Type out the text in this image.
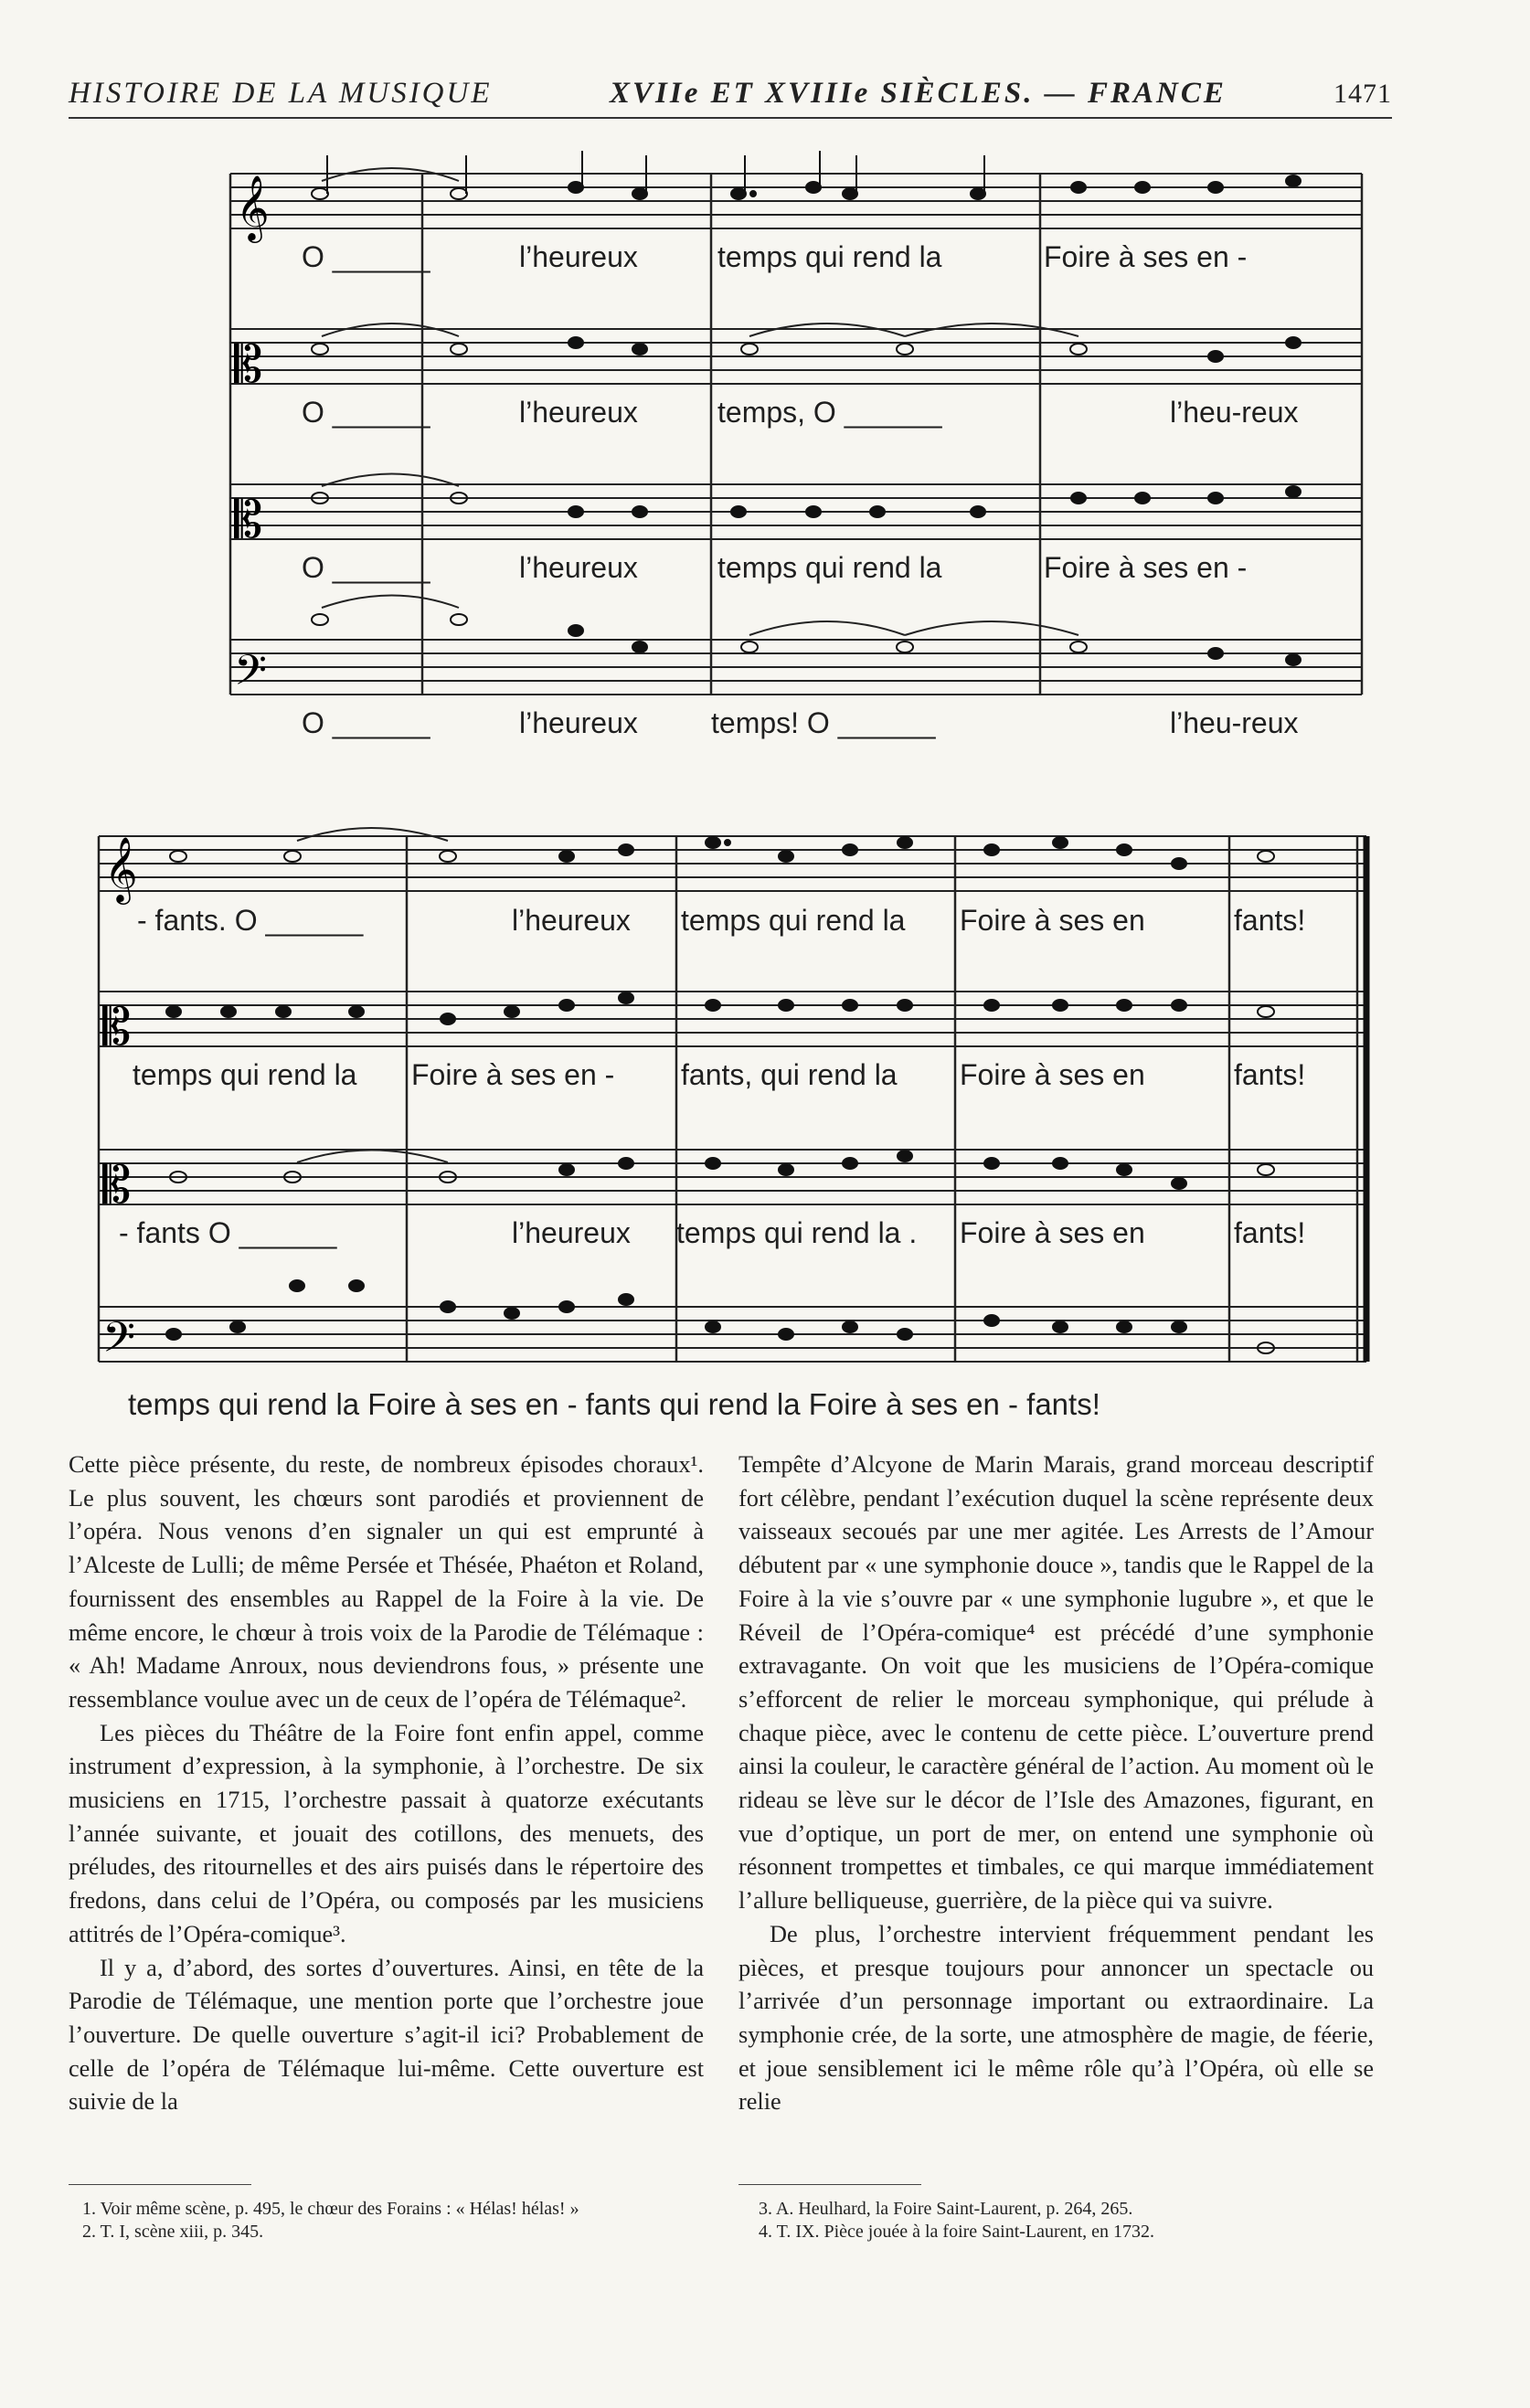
HISTOIRE DE LA MUSIQUE	XVIIe ET XVIIIe SIÈCLES. — FRANCE	1471
𝄞
𝄡
𝄡
𝄢
O ______	l’heureux	temps qui rend la	Foire à ses en -
O ______	l’heureux	temps, O ______	l’heu-reux
O ______	l’heureux	temps qui rend la	Foire à ses en -
O ______	l’heureux	temps! O ______	l’heu-reux
𝄞
𝄡
𝄡
𝄢
- fants. O ______	l’heureux temps qui rend la Foire à ses en	fants!
temps qui rend la Foire à ses en - fants, qui rend la Foire à ses en	fants!
- fants O ______	l’heureux temps qui rend la . Foire à ses en	fants!
temps qui rend la Foire à ses en - fants qui rend la Foire à ses en - fants!

Cette pièce présente, du reste, de nombreux épisodes choraux¹. Le plus souvent, les chœurs sont parodiés et proviennent de l’opéra. Nous venons d’en signaler un qui est emprunté à l’Alceste de Lulli; de même Persée et Thésée, Phaéton et Roland, fournissent des ensembles au Rappel de la Foire à la vie. De même encore, le chœur à trois voix de la Parodie de Télémaque : « Ah! Madame Anroux, nous deviendrons fous, » présente une ressemblance voulue avec un de ceux de l’opéra de Télémaque².

Les pièces du Théâtre de la Foire font enfin appel, comme instrument d’expression, à la symphonie, à l’orchestre. De six musiciens en 1715, l’orchestre passait à quatorze exécutants l’année suivante, et jouait des cotillons, des menuets, des préludes, des ritournelles et des airs puisés dans le répertoire des fredons, dans celui de l’Opéra, ou composés par les musiciens attitrés de l’Opéra-comique³.

Il y a, d’abord, des sortes d’ouvertures. Ainsi, en tête de la Parodie de Télémaque, une mention porte que l’orchestre joue l’ouverture. De quelle ouverture s’agit-il ici? Probablement de celle de l’opéra de Télémaque lui-même. Cette ouverture est suivie de la

Tempête d’Alcyone de Marin Marais, grand morceau descriptif fort célèbre, pendant l’exécution duquel la scène représente deux vaisseaux secoués par une mer agitée. Les Arrests de l’Amour débutent par « une symphonie douce », tandis que le Rappel de la Foire à la vie s’ouvre par « une symphonie lugubre », et que le Réveil de l’Opéra-comique⁴ est précédé d’une symphonie extravagante. On voit que les musiciens de l’Opéra-comique s’efforcent de relier le morceau symphonique, qui prélude à chaque pièce, avec le contenu de cette pièce. L’ouverture prend ainsi la couleur, le caractère général de l’action. Au moment où le rideau se lève sur le décor de l’Isle des Amazones, figurant, en vue d’optique, un port de mer, on entend une symphonie où résonnent trompettes et timbales, ce qui marque immédiatement l’allure belliqueuse, guerrière, de la pièce qui va suivre.

De plus, l’orchestre intervient fréquemment pendant les pièces, et presque toujours pour annoncer un spectacle ou l’arrivée d’un personnage important ou extraordinaire. La symphonie crée, de la sorte, une atmosphère de magie, de féerie, et joue sensiblement ici le même rôle qu’à l’Opéra, où elle se relie

1. Voir même scène, p. 495, le chœur des Forains : « Hélas! hélas! »
2. T. I, scène xiii, p. 345.
3. A. Heulhard, la Foire Saint-Laurent, p. 264, 265.
4. T. IX. Pièce jouée à la foire Saint-Laurent, en 1732.
